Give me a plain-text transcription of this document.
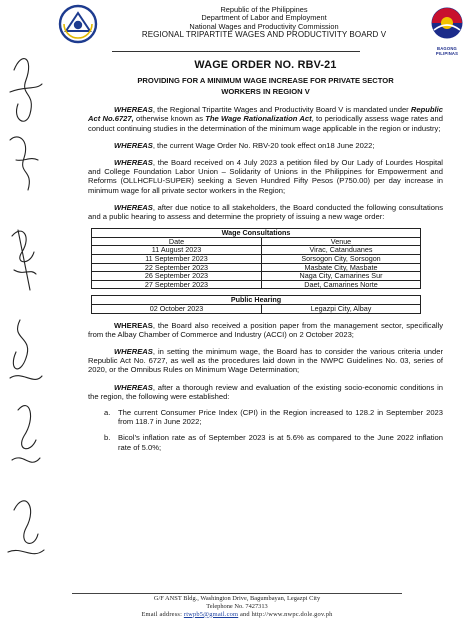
Republic of the Philippines
Department of Labor and Employment
National Wages and Productivity Commission
REGIONAL TRIPARTITE WAGES AND PRODUCTIVITY BOARD V
BAGONG PILIPINAS
WAGE ORDER NO. RBV-21
PROVIDING FOR A MINIMUM WAGE INCREASE FOR PRIVATE SECTOR
WORKERS IN REGION V

WHEREAS, the Regional Tripartite Wages and Productivity Board V is mandated under Republic Act No.6727, otherwise known as The Wage Rationalization Act, to periodically assess wage rates and conduct continuing studies in the determination of the minimum wage applicable in the region or industry;

WHEREAS, the current Wage Order No. RBV-20 took effect on18 June 2022;

WHEREAS, the Board received on 4 July 2023 a petition filed by Our Lady of Lourdes Hospital and College Foundation Labor Union – Solidarity of Unions in the Philippines for Empowerment and Reforms (OLLHCFLU-SUPER) seeking a Seven Hundred Fifty Pesos (P750.00) per day increase in minimum wage for all private sector workers in the Region;

WHEREAS, after due notice to all stakeholders, the Board conducted the following consultations and a public hearing to assess and determine the propriety of issuing a new wage order:

Wage Consultations	
Date	Venue
11 August 2023	Virac, Catanduanes
11 September 2023	Sorsogon City, Sorsogon
22 September 2023	Masbate City, Masbate
26 September 2023	Naga City, Camarines Sur
27 September 2023	Daet, Camarines Norte
Public Hearing
02 October 2023	Legazpi City, Albay

WHEREAS, the Board also received a position paper from the management sector, specifically from the Albay Chamber of Commerce and Industry (ACCI) on 2 October 2023;

WHEREAS, in setting the minimum wage, the Board has to consider the various criteria under Republic Act No. 6727, as well as the procedures laid down in the NWPC Guidelines No. 03, series of 2020, or the Omnibus Rules on Minimum Wage Determination;

WHEREAS, after a thorough review and evaluation of the existing socio-economic conditions in the region, the following were established:

a. The current Consumer Price Index (CPI) in the Region increased to 128.2 in September 2023 from 118.7 in June 2022;
b. Bicol’s inflation rate as of September 2023 is at 5.6% as compared to the June 2022 inflation rate of 5.0%;
G/F ANST Bldg., Washington Drive, Bagumbayan, Legazpi City
Telephone No. 7427313
Email address: rtwpb5@gmail.com and http://www.nwpc.dole.gov.ph
